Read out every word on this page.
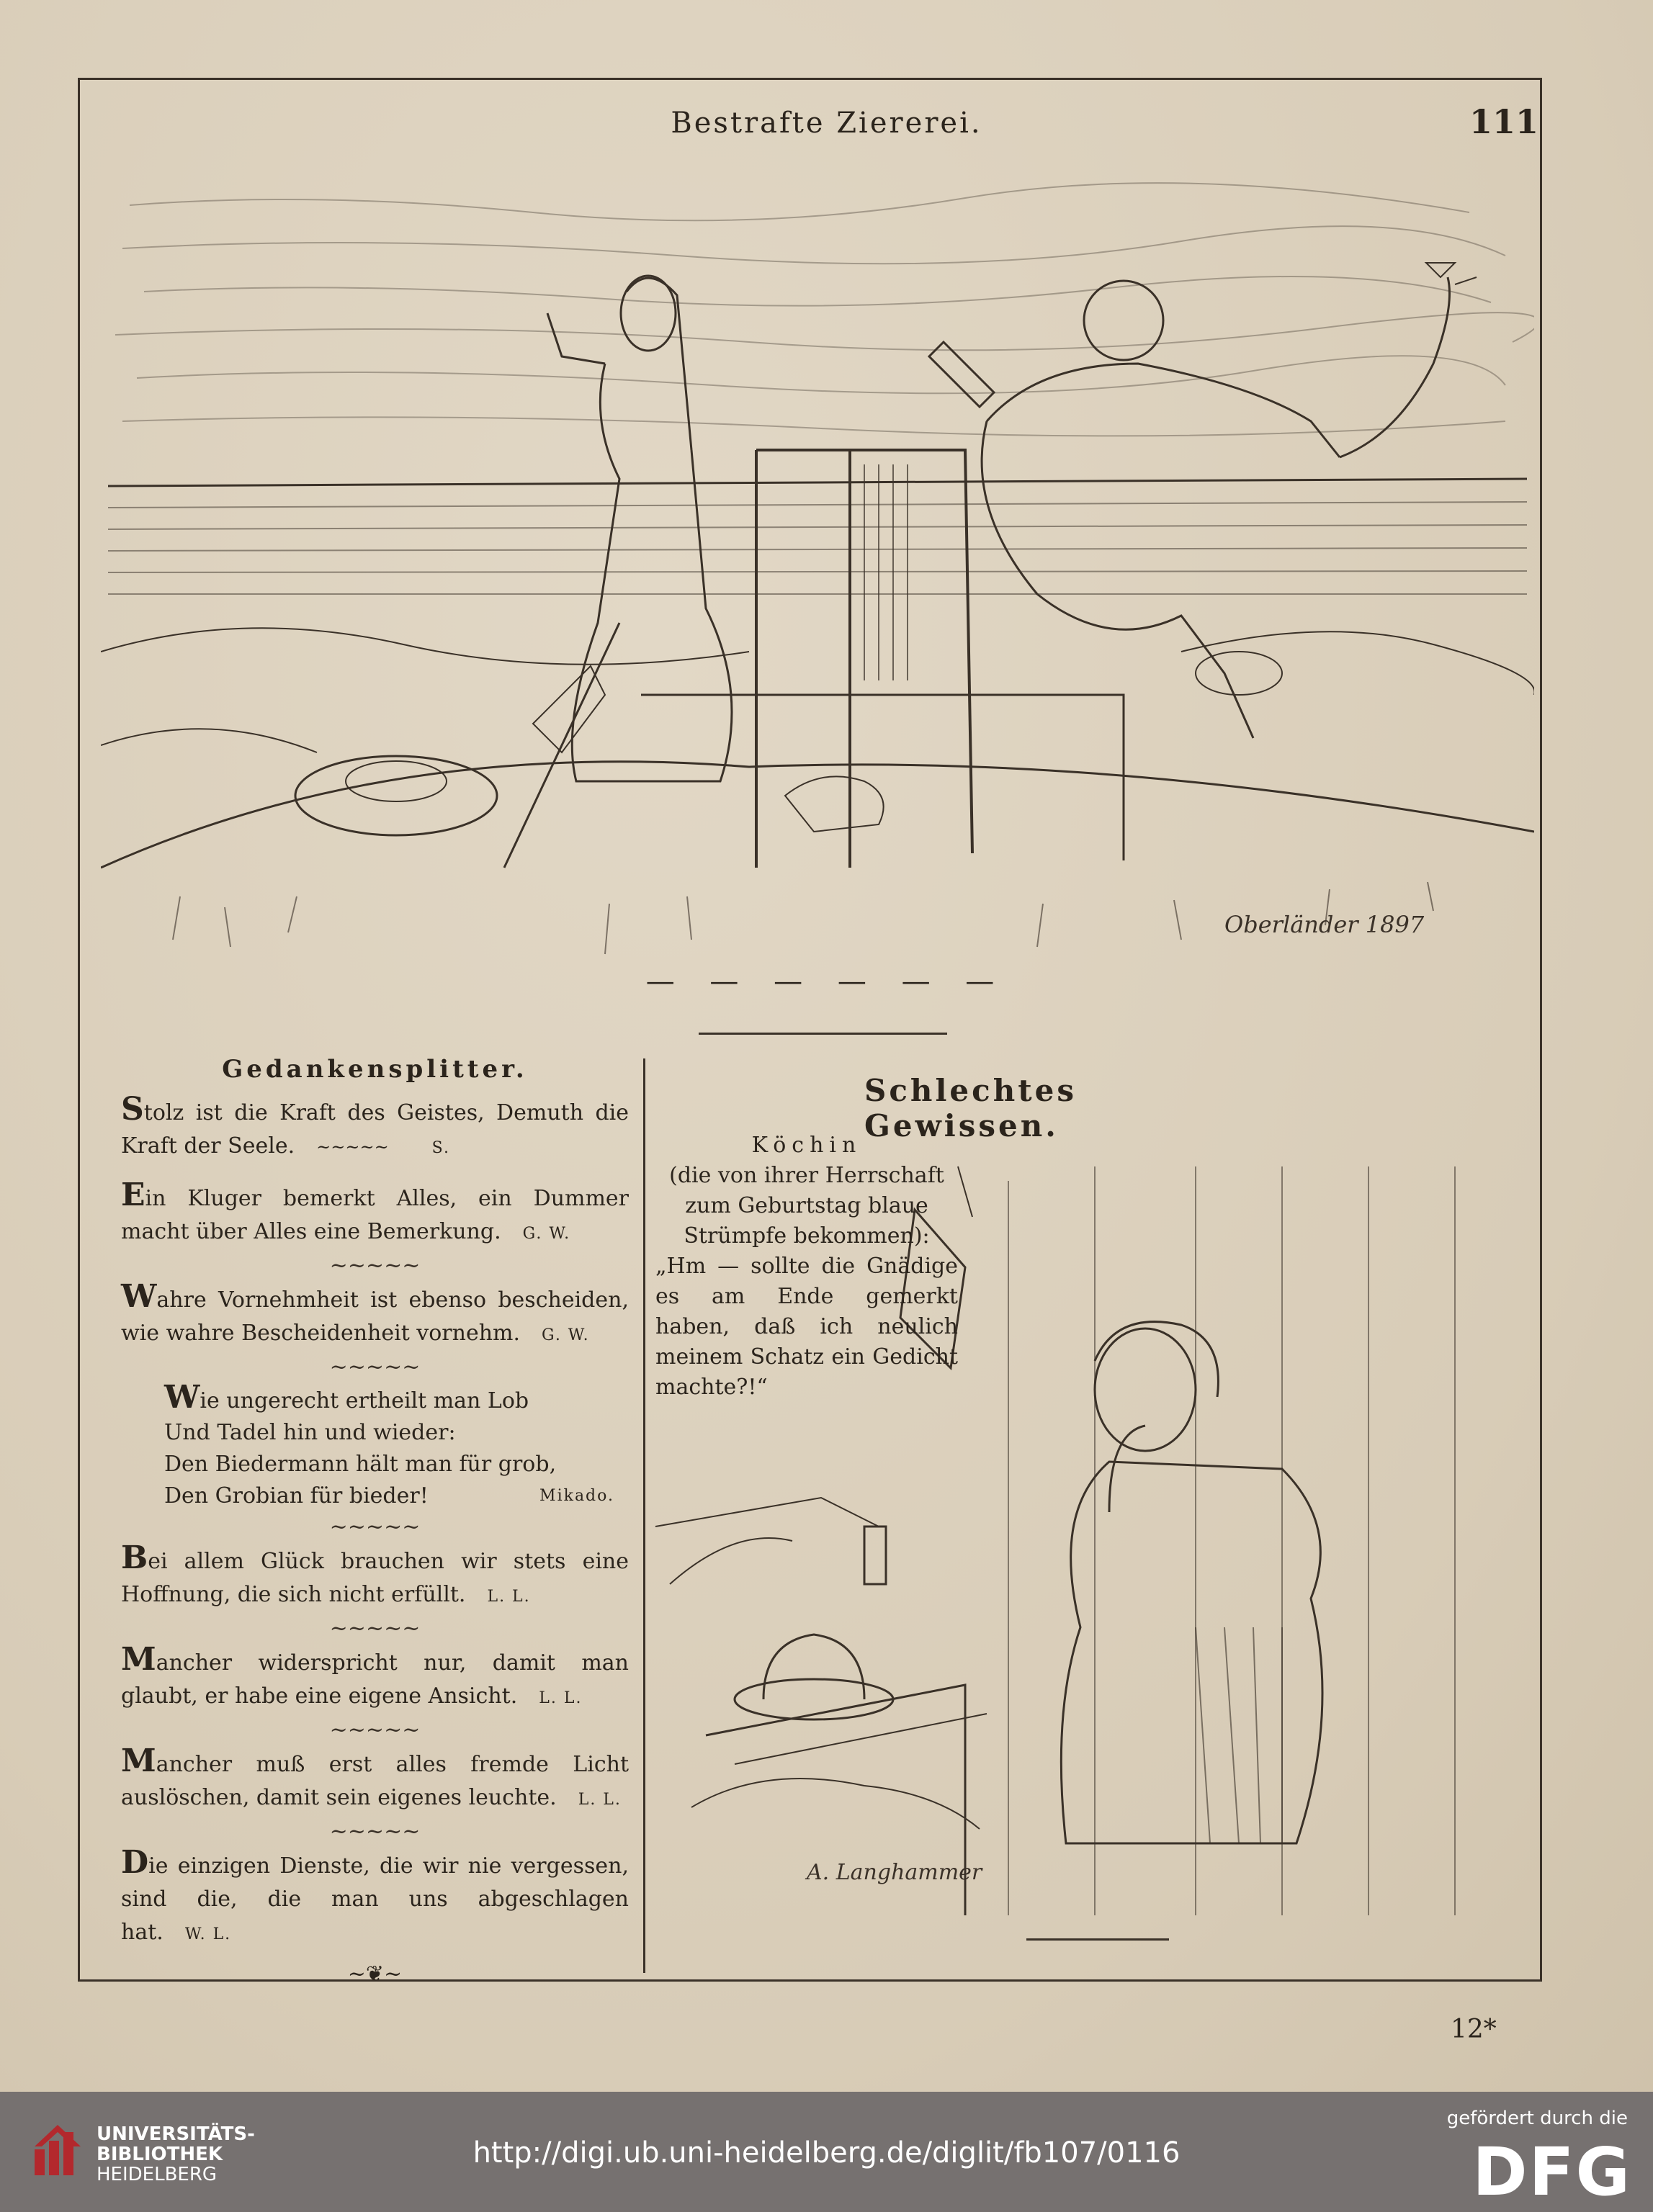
Bestrafte Ziererei.	111
Oberländer 1897
— — — — — —
Gedankensplitter.

Stolz ist die Kraft des Geistes, Demuth die Kraft der Seele. ~~~~~	S.

Ein Kluger bemerkt Alles, ein Dummer macht über Alles eine Bemerkung. G. W.

~~~~~

Wahre Vornehmheit ist ebenso bescheiden, wie wahre Bescheidenheit vornehm. G. W.

~~~~~
Wie ungerecht ertheilt man Lob
Und Tadel hin und wieder:
Den Biedermann hält man für grob,
Den Grobian für bieder!	Mikado.
~~~~~

Bei allem Glück brauchen wir stets eine Hoffnung, die sich nicht erfüllt. L. L.

~~~~~

Mancher widerspricht nur, damit man glaubt, er habe eine eigene Ansicht. L. L.

~~~~~

Mancher muß erst alles fremde Licht auslöschen, damit sein eigenes leuchte. L. L.

~~~~~

Die einzigen Dienste, die wir nie vergessen, sind die, die man uns abgeschlagen hat. W. L.

~❦~
Schlechtes Gewissen.
A. Langhammer

Köchin

(die von ihrer Herrschaft zum Geburtstag blaue Strümpfe bekommen):

„Hm — sollte die Gnädige es am Ende gemerkt haben, daß ich neulich meinem Schatz ein Gedicht machte?!“

12*
UNIVERSITÄTS-
BIBLIOTHEK
HEIDELBERG
http://digi.ub.uni-heidelberg.de/diglit/fb107/0116
gefördert durch die
DFG
